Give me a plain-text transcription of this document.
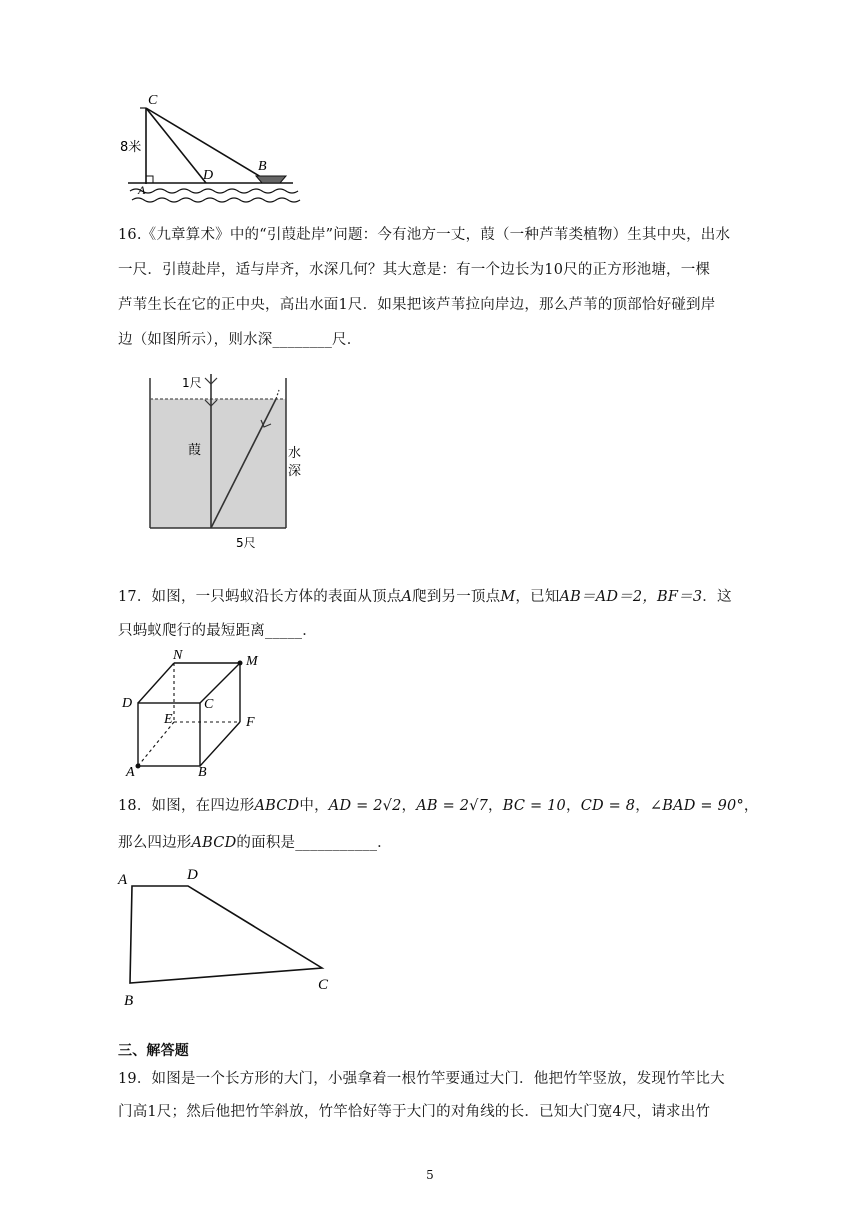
C
8米
D
B
A
16.《九章算术》中的“引葭赴岸”问题：今有池方一丈，葭（一种芦苇类植物）生其中央，出水
一尺．引葭赴岸，适与岸齐，水深几何？其大意是：有一个边长为10尺的正方形池塘，一棵
芦苇生长在它的正中央，高出水面1尺．如果把该芦苇拉向岸边，那么芦苇的顶部恰好碰到岸
边（如图所示），则水深________尺．
1尺
葭	水
深
5尺
17．如图，一只蚂蚁沿长方体的表面从顶点A爬到另一顶点M，已知AB＝AD＝2，BF＝3．这
只蚂蚁爬行的最短距离_____．
N	M
D	C
E	F
A	B
18．如图，在四边形ABCD中，AD = 2√2，AB = 2√7，BC = 10，CD = 8，∠BAD = 90°，
那么四边形ABCD的面积是___________．
A	D
B
C
三、解答题
19．如图是一个长方形的大门，小强拿着一根竹竿要通过大门．他把竹竿竖放，发现竹竿比大
门高1尺；然后他把竹竿斜放，竹竿恰好等于大门的对角线的长．已知大门宽4尺，请求出竹
5
